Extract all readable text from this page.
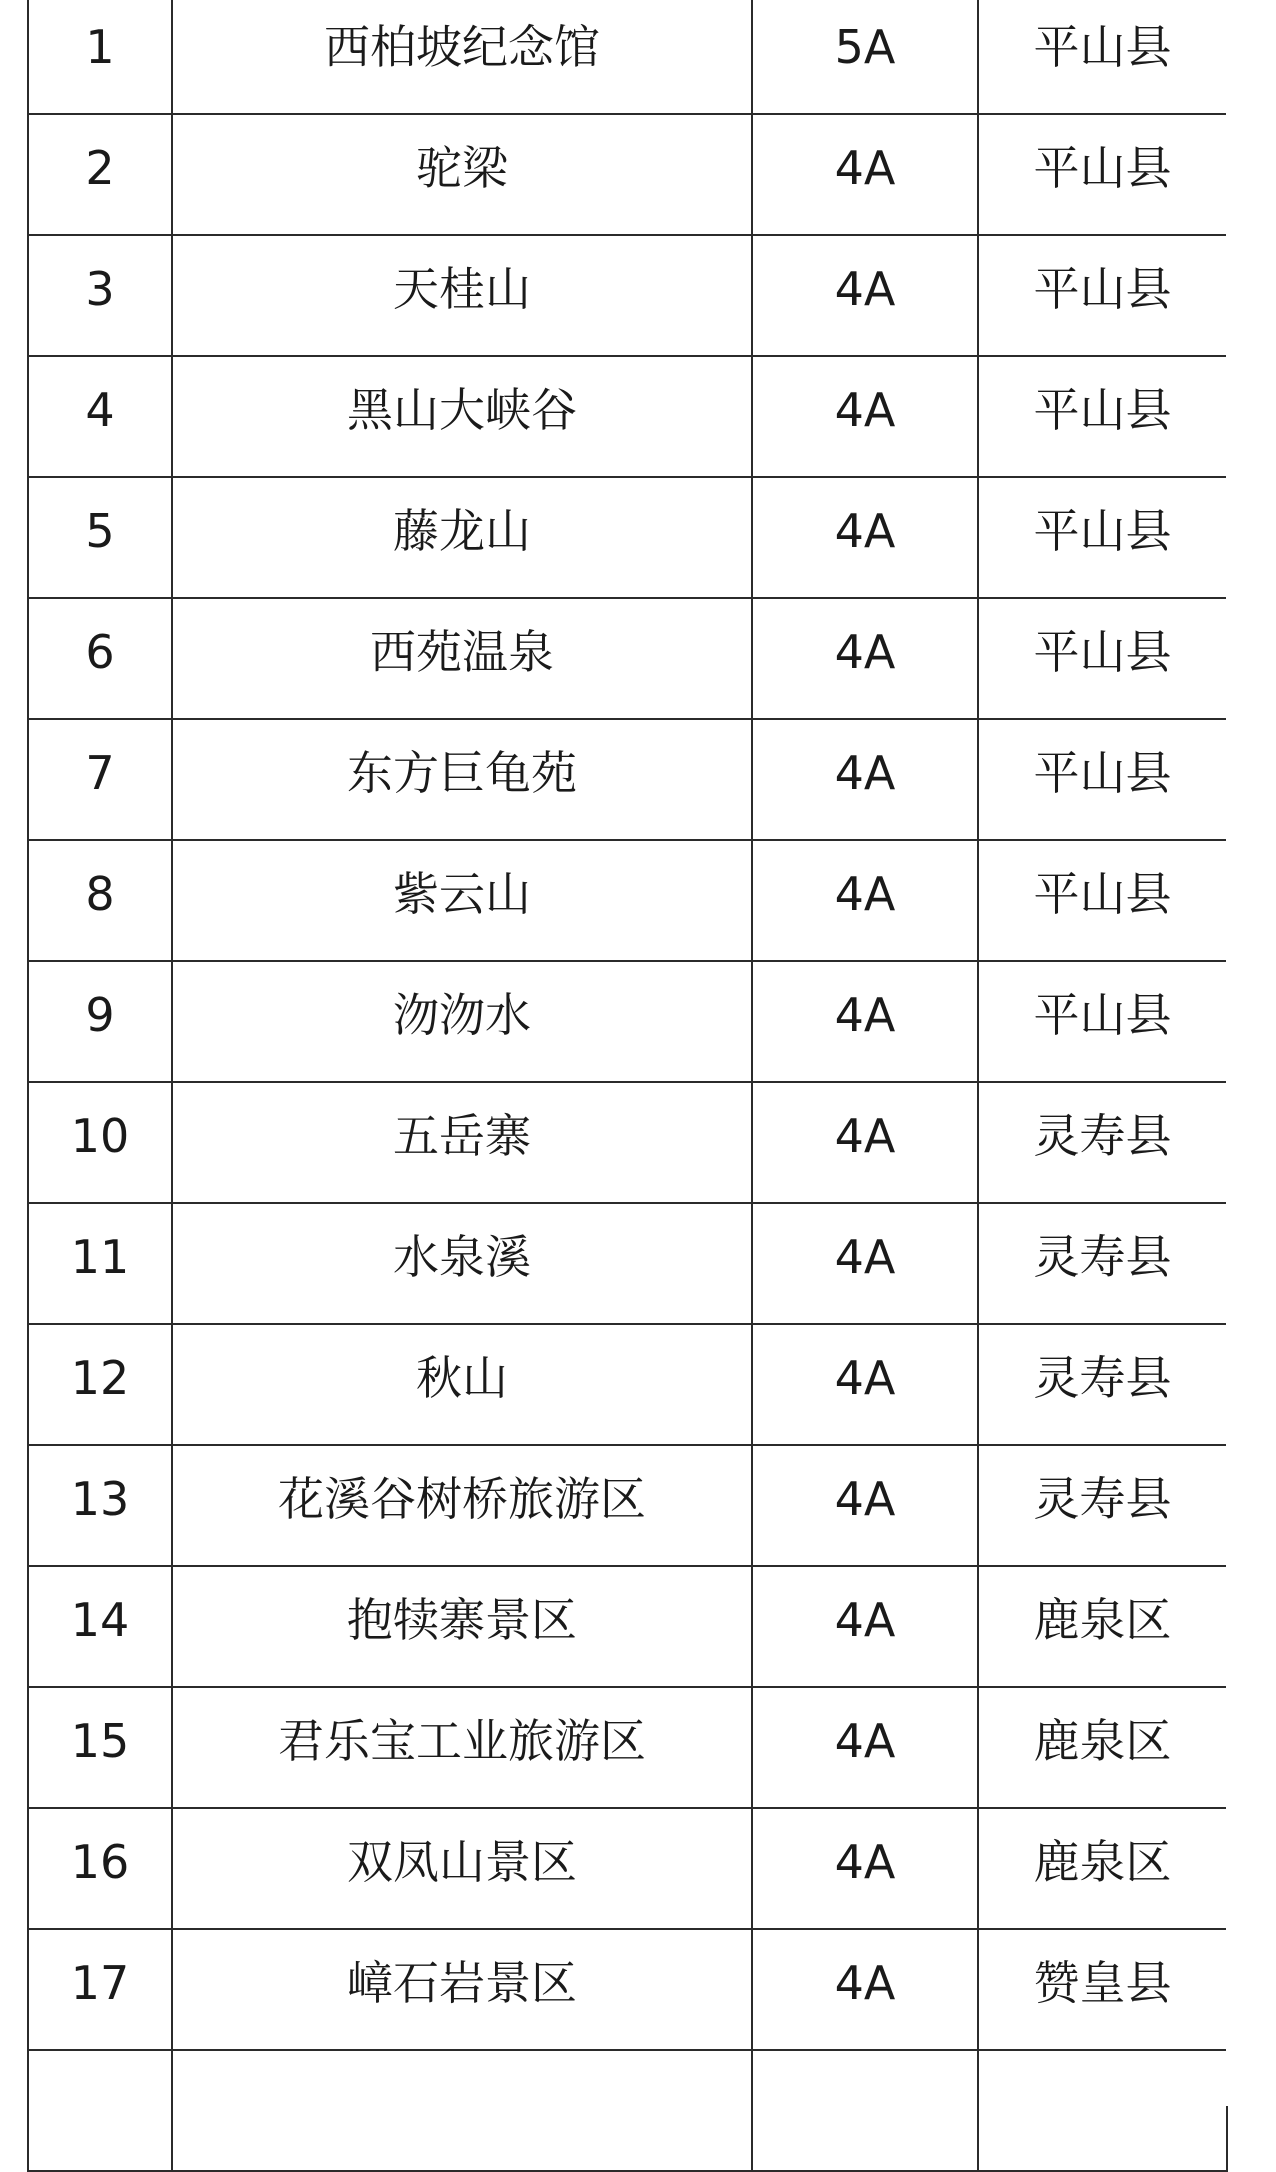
1	西柏坡纪念馆	5A	平山县

2	驼梁	4A	平山县

3	天桂山	4A	平山县

4	黑山大峡谷	4A	平山县

5	藤龙山	4A	平山县

6	西苑温泉	4A	平山县

7	东方巨龟苑	4A	平山县

8	紫云山	4A	平山县

9	沕沕水	4A	平山县

10	五岳寨	4A	灵寿县

11	水泉溪	4A	灵寿县

12	秋山	4A	灵寿县

13	花溪谷树桥旅游区	4A	灵寿县

14	抱犊寨景区	4A	鹿泉区

15	君乐宝工业旅游区	4A	鹿泉区

16	双凤山景区	4A	鹿泉区

17	嶂石岩景区	4A	赞皇县
